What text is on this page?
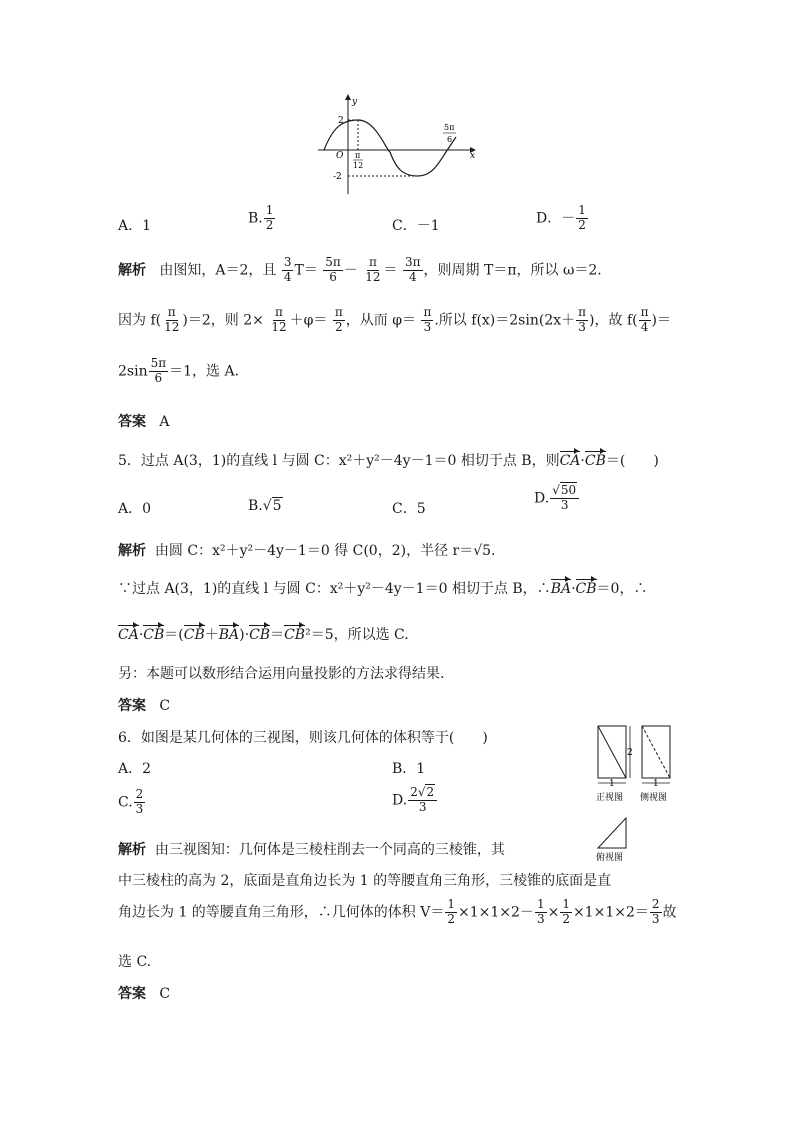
y
x
O
2
-2
π
12
5π
6
A．1	B. $\frac{1}{2}$	C．－1	D．－ $\frac{1}{2}$
解析 由图知，A＝2，且 $\frac{3}{4} T= \frac{5\pi}{6} - \frac{\pi}{12} = \frac{3\pi}{4}$ ，则周期 T＝π，所以 ω＝2.
因为 $f( \frac{\pi}{12} )=2$，则 $2\times \frac{\pi}{12} +\varphi= \frac{\pi}{2}$ ，从而 $\varphi= \frac{\pi}{3}$ .所以 $f(x)=2\sin(2x+ \frac{\pi}{3}$ )，故 $f( \frac{\pi}{4}$ )＝
$2\sin \frac{5\pi}{6} =1$，选 A.
答案 A
5．过点 A(3，1)的直线 l 与圆 C：x²＋y²－4y－1＝0 相切于点 B，则CA·CB＝(　　)
A．0	B.√5	C．5
D. $\frac{√50}{3}$
解析 由圆 C：x²＋y²－4y－1＝0 得 C(0，2)，半径 r＝√5.
∵过点 A(3，1)的直线 l 与圆 C：x²＋y²－4y－1＝0 相切于点 B，∴BA·CB＝0，∴
CA·CB＝(CB＋BA)·CB＝CB²＝5，所以选 C.
另：本题可以数形结合运用向量投影的方法求得结果.
答案 C
6．如图是某几何体的三视图，则该几何体的体积等于(　　)
A．2	B．1
C. $\frac{2}{3}$	D. $\frac{2√2}{3}$
2
1
正视图
1
侧视图
俯视图
解析 由三视图知：几何体是三棱柱削去一个同高的三棱锥，其
中三棱柱的高为 2，底面是直角边长为 1 的等腰直角三角形，三棱锥的底面是直
角边长为 1 的等腰直角三角形，∴几何体的体积 $V= \frac{1}{2} \times 1\times 1\times 2- \frac{1}{3} \times \frac{1}{2} \times 1\times 1\times 2= \frac{2}{3}$ 故
选 C.
答案 C
